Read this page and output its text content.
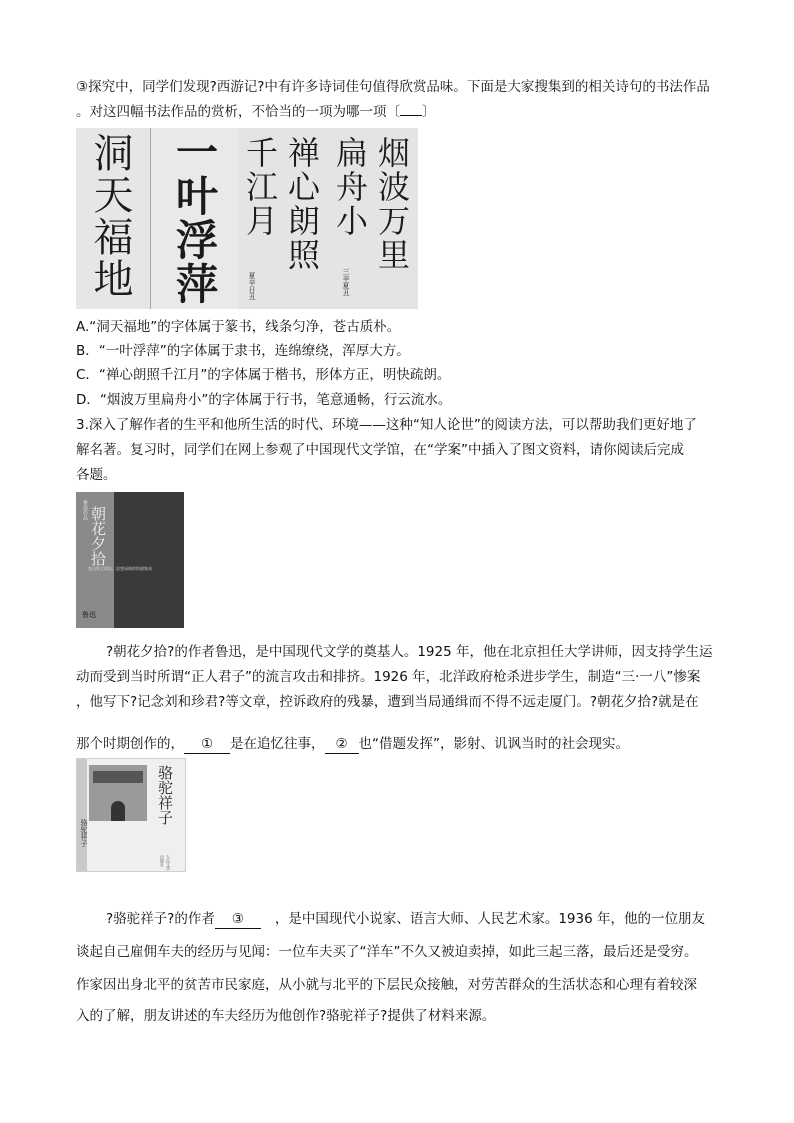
③探究中，同学们发现?西游记?中有许多诗词佳句值得欣赏品味。下面是大家搜集到的相关诗句的书法作品
。对这四幅书法作品的赏析，不恰当的一项为哪一项〔 〕
洞天福地 一叶浮萍 千江月 禅心朗照
夏辛日丑
扁舟小 烟波万里
三辛夏丑
A.“洞天福地”的字体属于篆书，线条匀净，苍古质朴。
B．“一叶浮萍”的字体属于隶书，连绵缭绕，浑厚大方。
C．“禅心朗照千江月”的字体属于楷书，形体方正，明快疏朗。
D．“烟波万里扁舟小”的字体属于行书，笔意通畅，行云流水。
3.深入了解作者的生平和他所生活的时代、环境——这种“知人论世”的阅读方法，可以帮助我们更好地了
解名著。复习时，同学们在网上参观了中国现代文学馆，在“学案”中插入了图文资料，请你阅读后完成
各题。
鲁迅作品 朝花夕拾
鲁迅散文精选，思想深刻的情感集成
鲁迅
?朝花夕拾?的作者鲁迅，是中国现代文学的奠基人。1925 年，他在北京担任大学讲师，因支持学生运
动而受到当时所谓“正人君子”的流言攻击和排挤。1926 年，北洋政府枪杀进步学生，制造“三·一八”惨案
，他写下?记念刘和珍君?等文章，控诉政府的残暴，遭到当局通缉而不得不远走厦门。?朝花夕拾?就是在
那个时期创作的， ① 是在追忆往事， ② 也“借题发挥”，影射、讥讽当时的社会现实。
骆驼祥子
骆驼祥子
人民文学出版社
?骆驼祥子?的作者 ③ ，是中国现代小说家、语言大师、人民艺术家。1936 年，他的一位朋友
谈起自己雇佣车夫的经历与见闻：一位车夫买了“洋车”不久又被迫卖掉，如此三起三落，最后还是受穷。
作家因出身北平的贫苦市民家庭，从小就与北平的下层民众接触，对劳苦群众的生活状态和心理有着较深
入的了解，朋友讲述的车夫经历为他创作?骆驼祥子?提供了材料来源。
